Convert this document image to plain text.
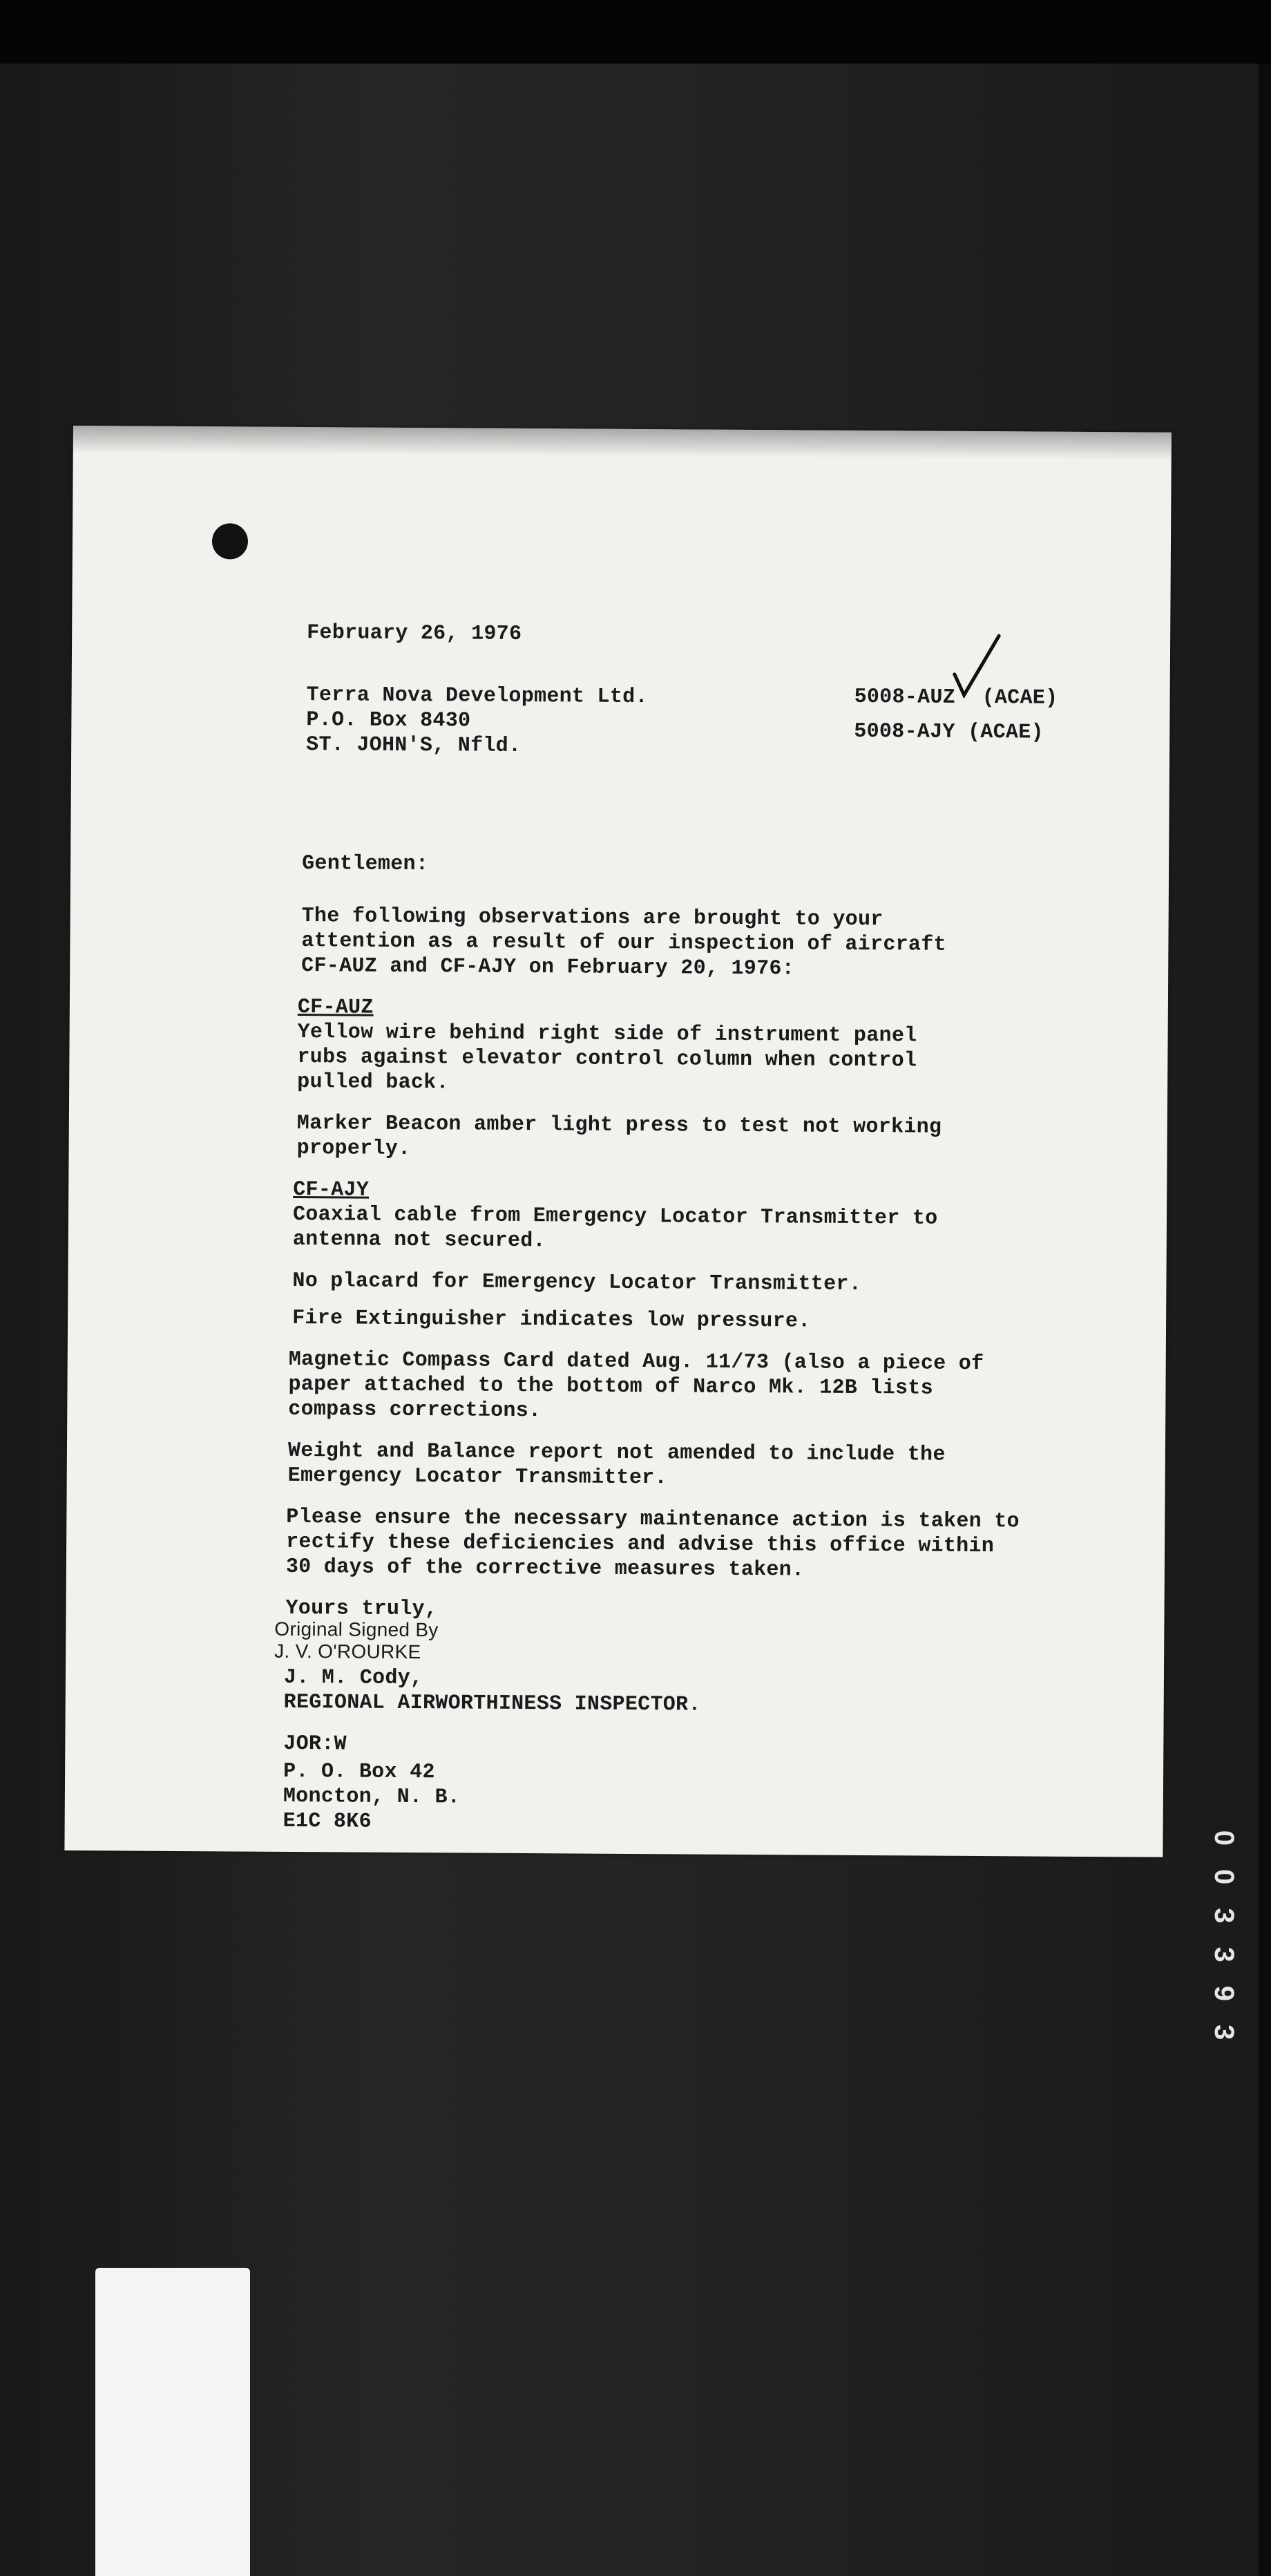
February 26, 1976
Terra Nova Development Ltd.
P.O. Box 8430
ST. JOHN'S, Nfld.
5008-AUZ (ACAE)
5008-AJY (ACAE)
Gentlemen:
The following observations are brought to your
attention as a result of our inspection of aircraft
CF-AUZ and CF-AJY on February 20, 1976:
CF-AUZ
Yellow wire behind right side of instrument panel
rubs against elevator control column when control
pulled back.
Marker Beacon amber light press to test not working
properly.
CF-AJY
Coaxial cable from Emergency Locator Transmitter to
antenna not secured.
No placard for Emergency Locator Transmitter.
Fire Extinguisher indicates low pressure.
Magnetic Compass Card dated Aug. 11/73 (also a piece of
paper attached to the bottom of Narco Mk. 12B lists
compass corrections.
Weight and Balance report not amended to include the
Emergency Locator Transmitter.
Please ensure the necessary maintenance action is taken to
rectify these deficiencies and advise this office within
30 days of the corrective measures taken.
Yours truly,
Original Signed By
J. V. O'ROURKE
J. M. Cody,
REGIONAL AIRWORTHINESS INSPECTOR.
JOR:W
P. O. Box 42
Moncton, N. B.
E1C 8K6
003393
